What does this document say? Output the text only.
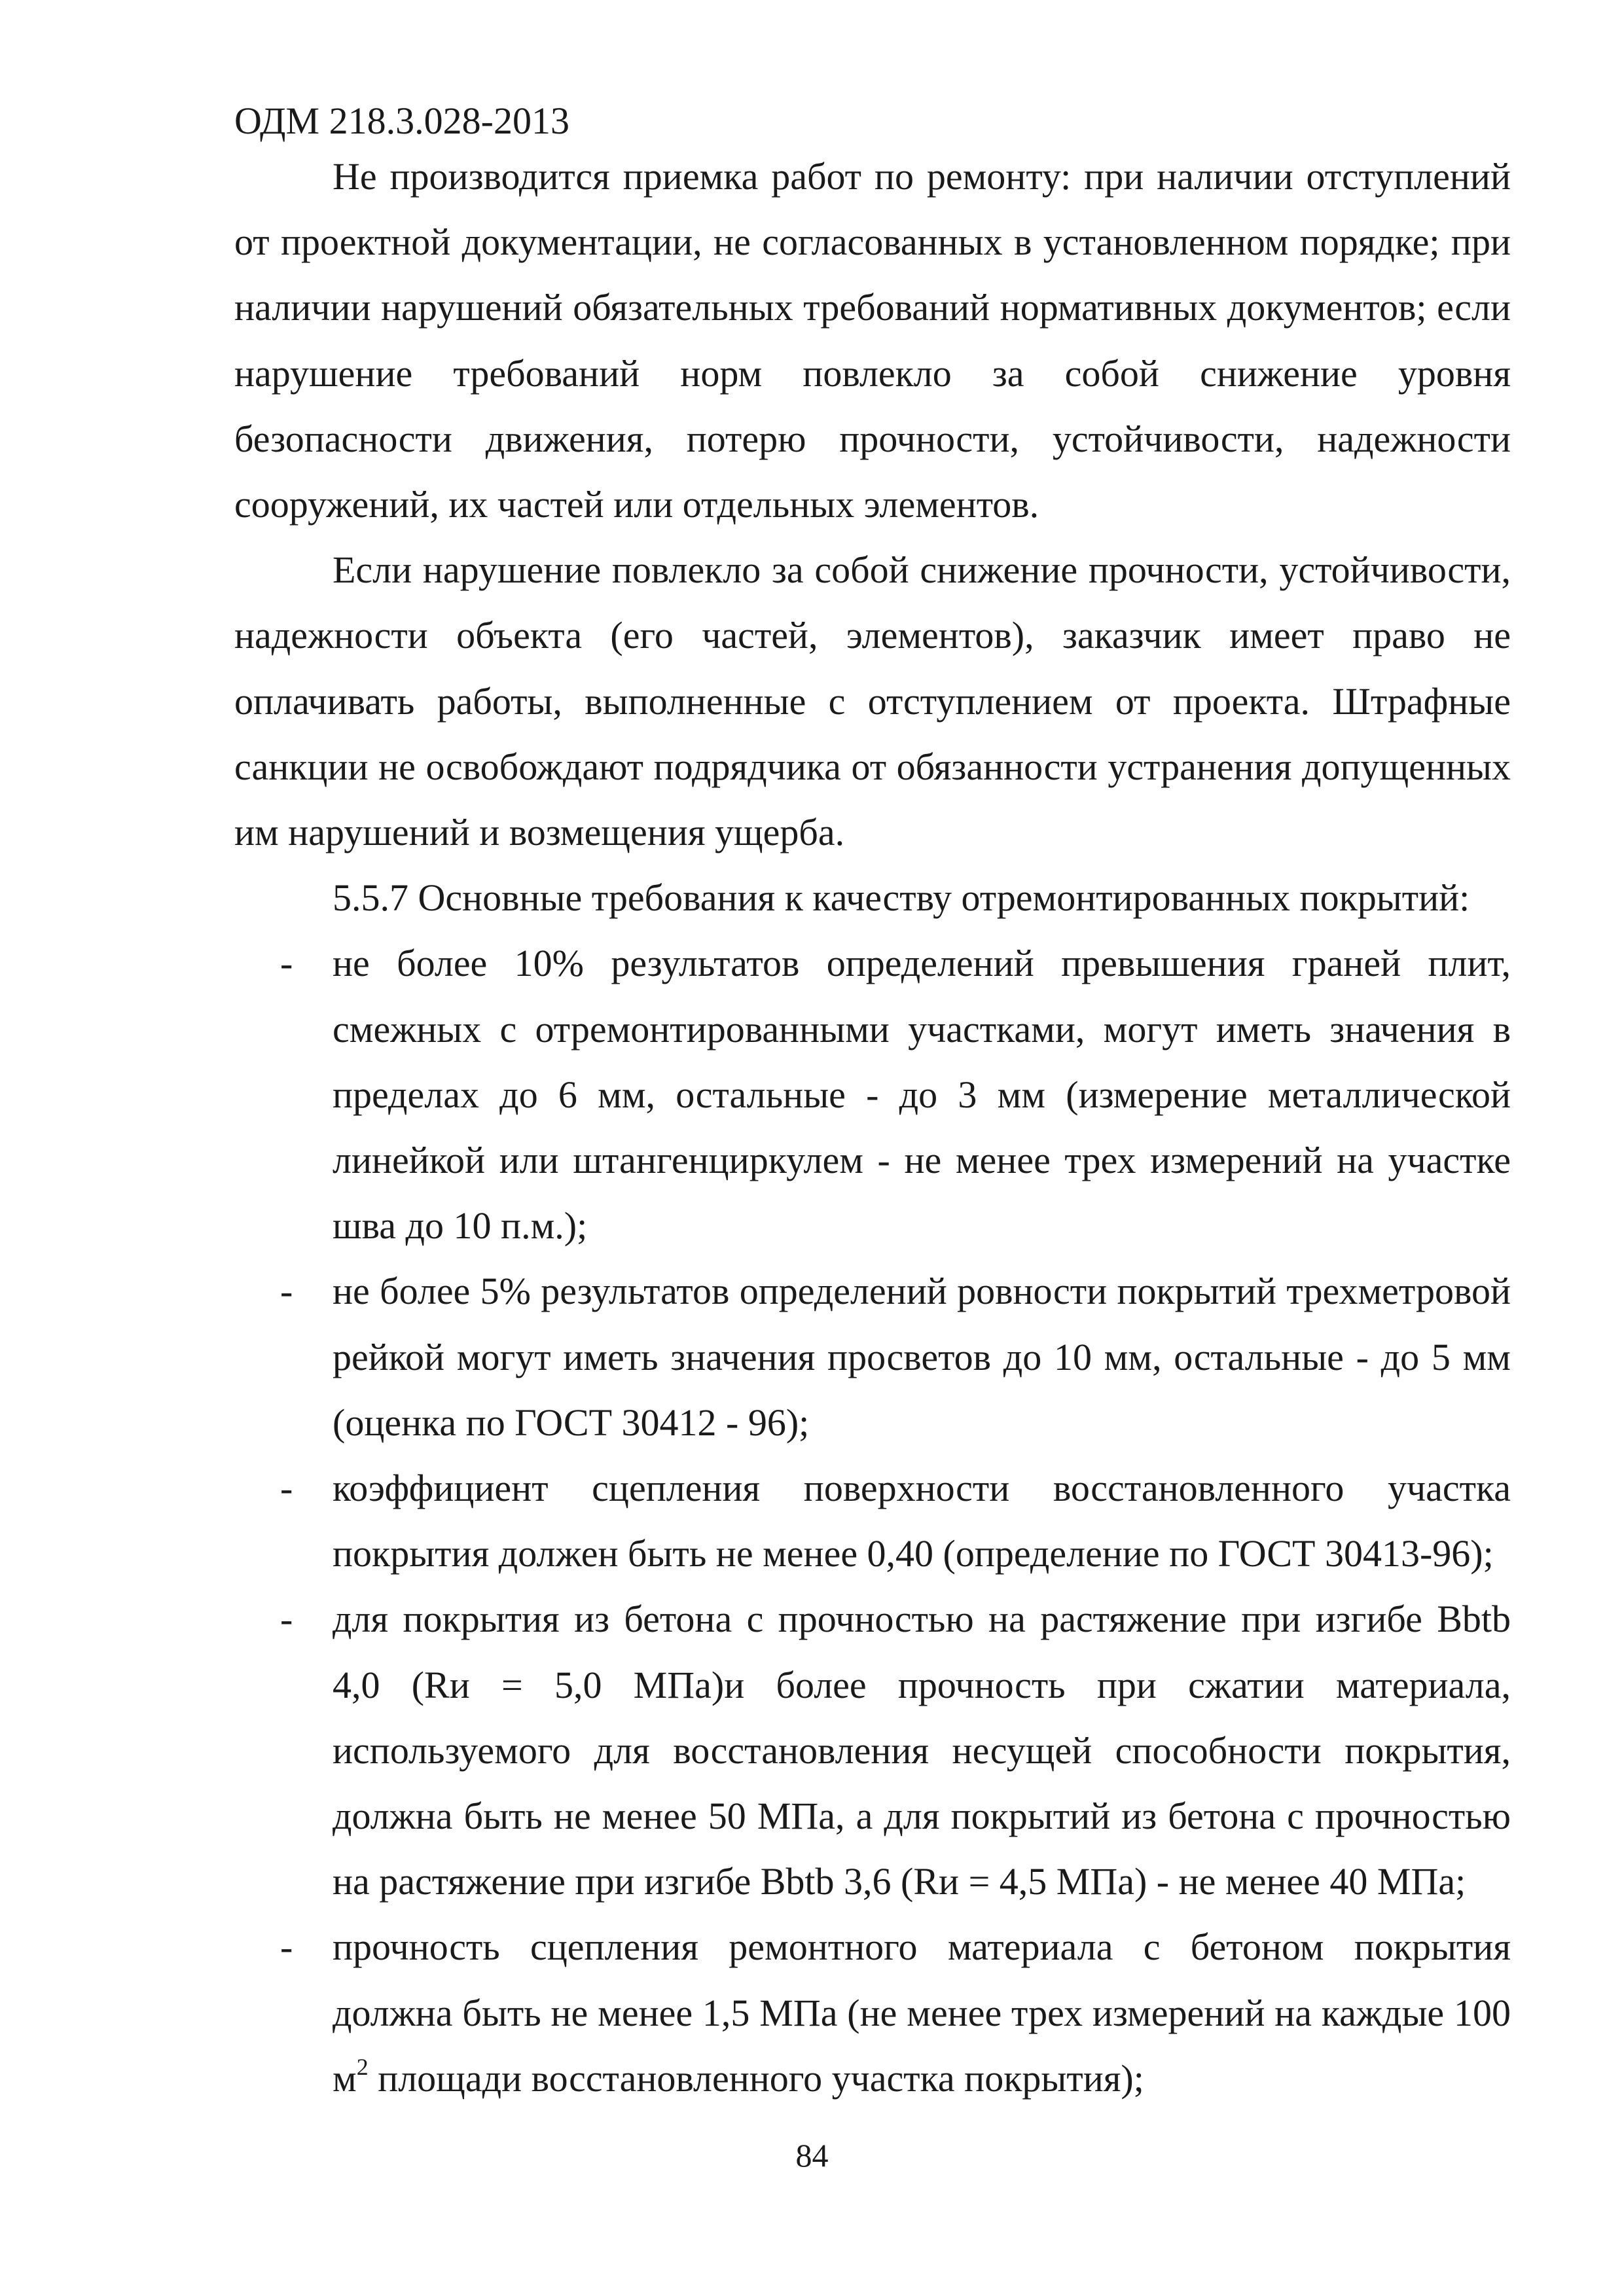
ОДМ 218.3.028-2013

Не производится приемка работ по ремонту: при наличии отступлений от проектной документации, не согласованных в установленном порядке; при наличии нарушений обязательных требований нормативных документов; если нарушение требований норм повлекло за собой снижение уровня безопасности движения, потерю прочности, устойчивости, надежности сооружений, их частей или отдельных элементов.

Если нарушение повлекло за собой снижение прочности, устойчивости, надежности объекта (его частей, элементов), заказчик имеет право не оплачивать работы, выполненные с отступлением от проекта. Штрафные санкции не освобождают подрядчика от обязанности устранения допущенных им нарушений и возмещения ущерба.

5.5.7 Основные требования к качеству отремонтированных покрытий:

- не более 10% результатов определений превышения граней плит, смежных с отремонтированными участками, могут иметь значения в пределах до 6 мм, остальные - до 3 мм (измерение металлической линейкой или штангенциркулем - не менее трех измерений на участке шва до 10 п.м.);
- не более 5% результатов определений ровности покрытий трехметровой рейкой могут иметь значения просветов до 10 мм, остальные - до 5 мм (оценка по ГОСТ 30412 - 96);
- коэффициент сцепления поверхности восстановленного участка покрытия должен быть не менее 0,40 (определение по ГОСТ 30413-96);
- для покрытия из бетона с прочностью на растяжение при изгибе Bbtb 4,0 (Rи = 5,0 МПа)и более прочность при сжатии материала, используемого для восстановления несущей способности покрытия, должна быть не менее 50 МПа, а для покрытий из бетона с прочностью на растяжение при изгибе Bbtb 3,6 (Rи = 4,5 МПа) - не менее 40 МПа;
- прочность сцепления ремонтного материала с бетоном покрытия должна быть не менее 1,5 МПа (не менее трех измерений на каждые 100 $м^2$ площади восстановленного участка покрытия);
84
